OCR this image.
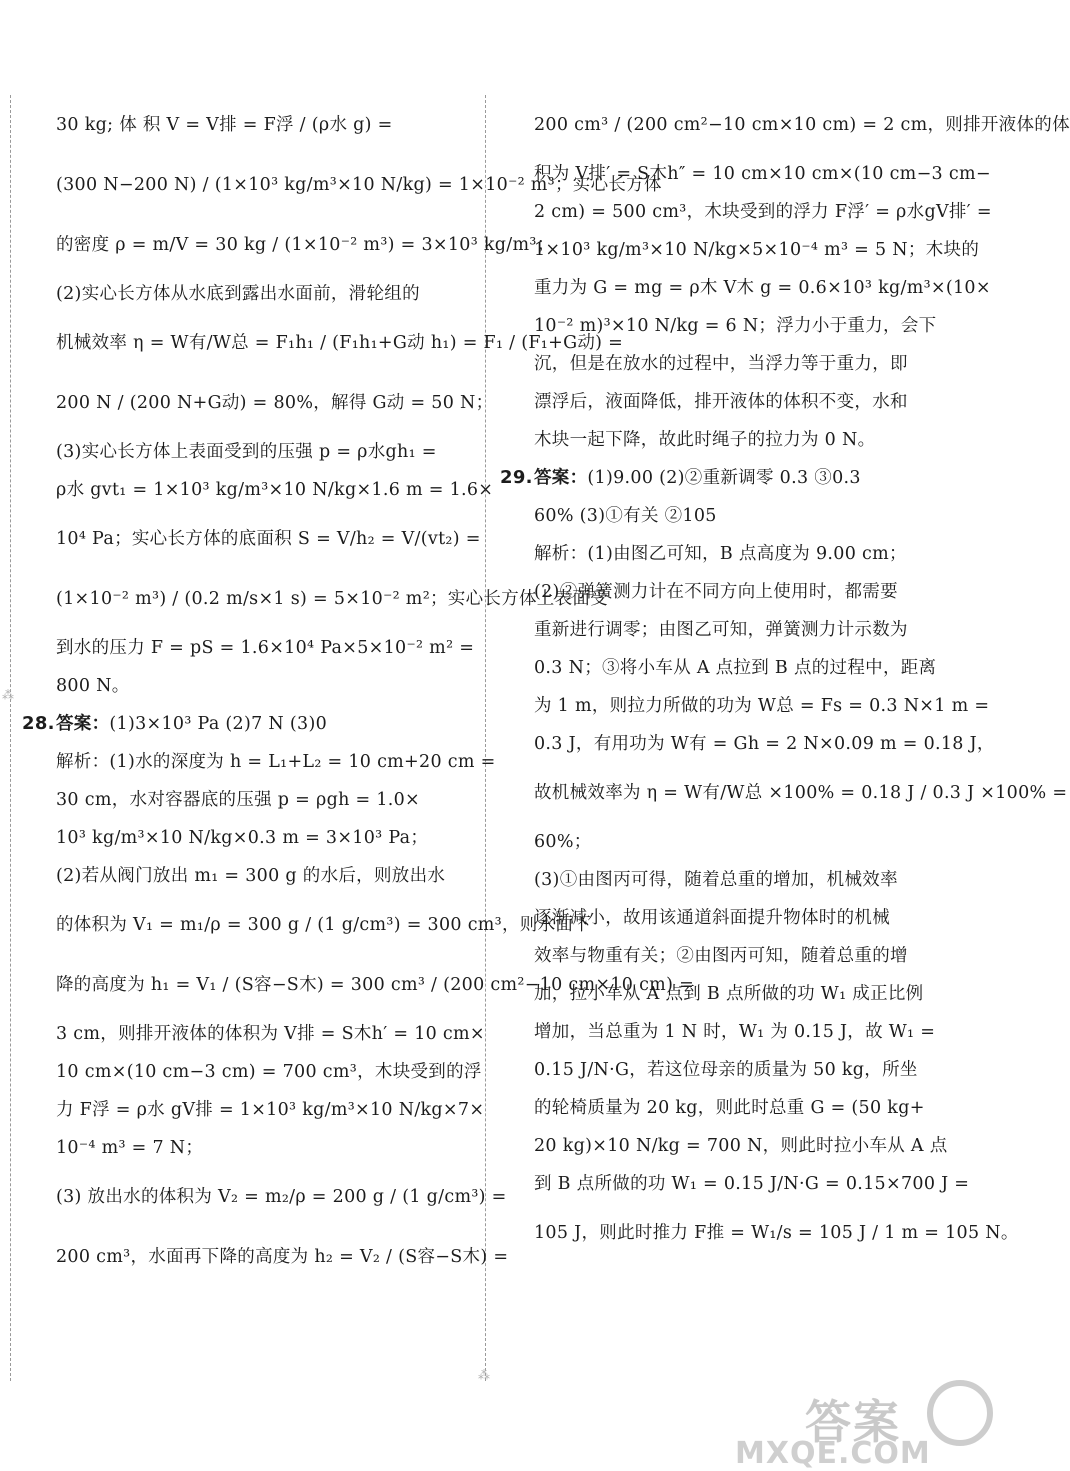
⁂
⁂
30 kg; 体 积 V = V排 = F浮 / (ρ水 g) =
(300 N−200 N) / (1×10³ kg/m³×10 N/kg) = 1×10⁻² m³；实心长方体
的密度 ρ = m/V = 30 kg / (1×10⁻² m³) = 3×10³ kg/m³；
(2)实心长方体从水底到露出水面前，滑轮组的
机械效率 η = W有/W总 = F₁h₁ / (F₁h₁+G动 h₁) = F₁ / (F₁+G动) =
200 N / (200 N+G动) = 80%，解得 G动 = 50 N；
(3)实心长方体上表面受到的压强 p = ρ水gh₁ =
ρ水 gvt₁ = 1×10³ kg/m³×10 N/kg×1.6 m = 1.6×
10⁴ Pa；实心长方体的底面积 S = V/h₂ = V/(vt₂) =
(1×10⁻² m³) / (0.2 m/s×1 s) = 5×10⁻² m²；实心长方体上表面受
到水的压力 F = pS = 1.6×10⁴ Pa×5×10⁻² m² =
800 N。
28.答案：(1)3×10³ Pa (2)7 N (3)0
解析：(1)水的深度为 h = L₁+L₂ = 10 cm+20 cm =
30 cm，水对容器底的压强 p = ρgh = 1.0×
10³ kg/m³×10 N/kg×0.3 m = 3×10³ Pa；
(2)若从阀门放出 m₁ = 300 g 的水后，则放出水
的体积为 V₁ = m₁/ρ = 300 g / (1 g/cm³) = 300 cm³，则水面下
降的高度为 h₁ = V₁ / (S容−S木) = 300 cm³ / (200 cm²−10 cm×10 cm) =
3 cm，则排开液体的体积为 V排 = S木h′ = 10 cm×
10 cm×(10 cm−3 cm) = 700 cm³，木块受到的浮
力 F浮 = ρ水 gV排 = 1×10³ kg/m³×10 N/kg×7×
10⁻⁴ m³ = 7 N；
(3) 放出水的体积为 V₂ = m₂/ρ = 200 g / (1 g/cm³) =
200 cm³，水面再下降的高度为 h₂ = V₂ / (S容−S木) =
200 cm³ / (200 cm²−10 cm×10 cm) = 2 cm，则排开液体的体
积为 V排′ = S木h″ = 10 cm×10 cm×(10 cm−3 cm−
2 cm) = 500 cm³，木块受到的浮力 F浮′ = ρ水gV排′ =
1×10³ kg/m³×10 N/kg×5×10⁻⁴ m³ = 5 N；木块的
重力为 G = mg = ρ木 V木 g = 0.6×10³ kg/m³×(10×
10⁻² m)³×10 N/kg = 6 N；浮力小于重力，会下
沉，但是在放水的过程中，当浮力等于重力，即
漂浮后，液面降低，排开液体的体积不变，水和
木块一起下降，故此时绳子的拉力为 0 N。
29.答案：(1)9.00 (2)②重新调零 0.3 ③0.3
60% (3)①有关 ②105
解析：(1)由图乙可知，B 点高度为 9.00 cm；
(2)②弹簧测力计在不同方向上使用时，都需要
重新进行调零；由图乙可知，弹簧测力计示数为
0.3 N；③将小车从 A 点拉到 B 点的过程中，距离
为 1 m，则拉力所做的功为 W总 = Fs = 0.3 N×1 m =
0.3 J，有用功为 W有 = Gh = 2 N×0.09 m = 0.18 J，
故机械效率为 η = W有/W总 ×100% = 0.18 J / 0.3 J ×100% =
60%；
(3)①由图丙可得，随着总重的增加，机械效率
逐渐减小，故用该通道斜面提升物体时的机械
效率与物重有关；②由图丙可知，随着总重的增
加，拉小车从 A 点到 B 点所做的功 W₁ 成正比例
增加，当总重为 1 N 时，W₁ 为 0.15 J，故 W₁ =
0.15 J/N·G，若这位母亲的质量为 50 kg，所坐
的轮椅质量为 20 kg，则此时总重 G = (50 kg+
20 kg)×10 N/kg = 700 N，则此时拉小车从 A 点
到 B 点所做的功 W₁ = 0.15 J/N·G = 0.15×700 J =
105 J，则此时推力 F推 = W₁/s = 105 J / 1 m = 105 N。
答案
MXQE.COM
